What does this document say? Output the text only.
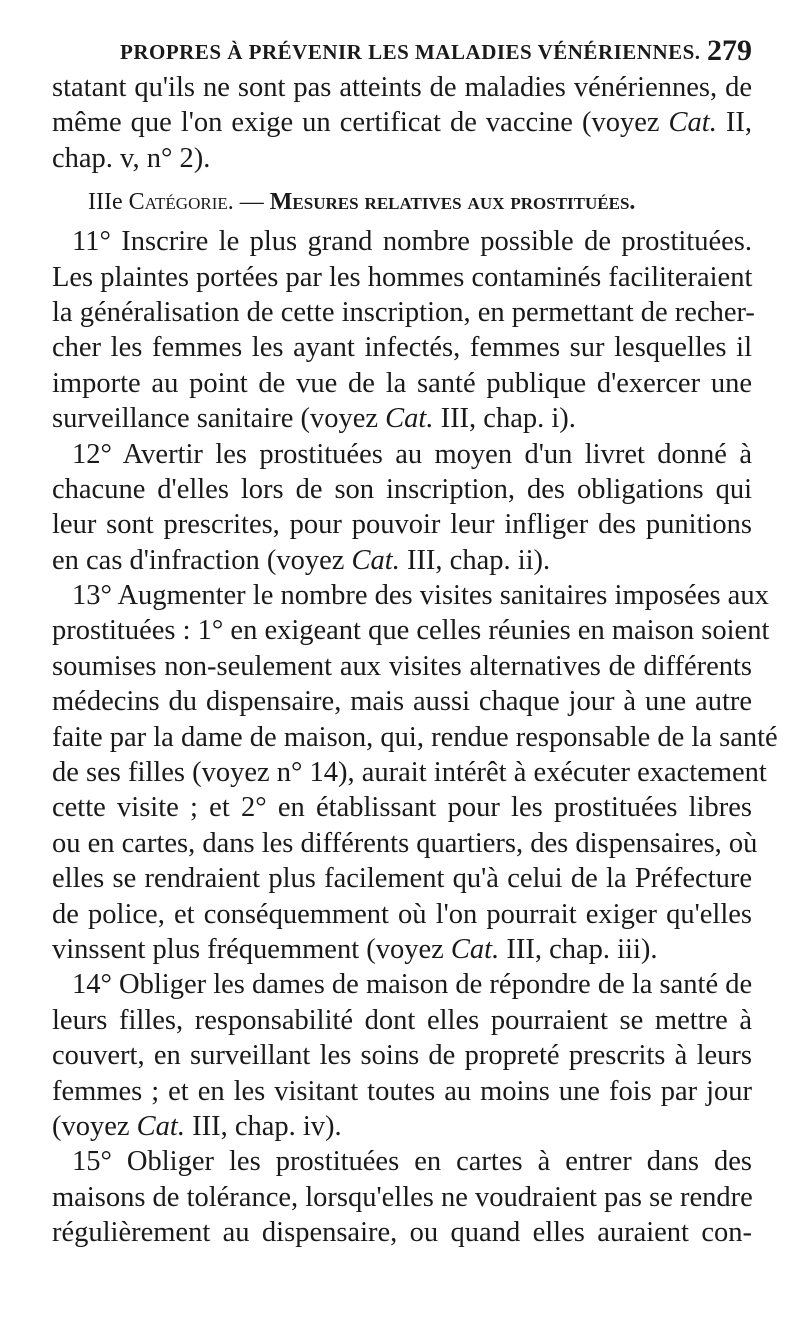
PROPRES À PRÉVENIR LES MALADIES VÉNÉRIENNES. 279
statant qu'ils ne sont pas atteints de maladies vénériennes, de
même que l'on exige un certificat de vaccine (voyez Cat. II,
chap. v, n° 2).
IIIe Catégorie. — Mesures relatives aux prostituées.
11° Inscrire le plus grand nombre possible de prostituées.
Les plaintes portées par les hommes contaminés faciliteraient
la généralisation de cette inscription, en permettant de recher-
cher les femmes les ayant infectés, femmes sur lesquelles il
importe au point de vue de la santé publique d'exercer une
surveillance sanitaire (voyez Cat. III, chap. i).
12° Avertir les prostituées au moyen d'un livret donné à
chacune d'elles lors de son inscription, des obligations qui
leur sont prescrites, pour pouvoir leur infliger des punitions
en cas d'infraction (voyez Cat. III, chap. ii).
13° Augmenter le nombre des visites sanitaires imposées aux
prostituées : 1° en exigeant que celles réunies en maison soient
soumises non-seulement aux visites alternatives de différents
médecins du dispensaire, mais aussi chaque jour à une autre
faite par la dame de maison, qui, rendue responsable de la santé
de ses filles (voyez n° 14), aurait intérêt à exécuter exactement
cette visite ; et 2° en établissant pour les prostituées libres
ou en cartes, dans les différents quartiers, des dispensaires, où
elles se rendraient plus facilement qu'à celui de la Préfecture
de police, et conséquemment où l'on pourrait exiger qu'elles
vinssent plus fréquemment (voyez Cat. III, chap. iii).
14° Obliger les dames de maison de répondre de la santé de
leurs filles, responsabilité dont elles pourraient se mettre à
couvert, en surveillant les soins de propreté prescrits à leurs
femmes ; et en les visitant toutes au moins une fois par jour
(voyez Cat. III, chap. iv).
15° Obliger les prostituées en cartes à entrer dans des
maisons de tolérance, lorsqu'elles ne voudraient pas se rendre
régulièrement au dispensaire, ou quand elles auraient con-
